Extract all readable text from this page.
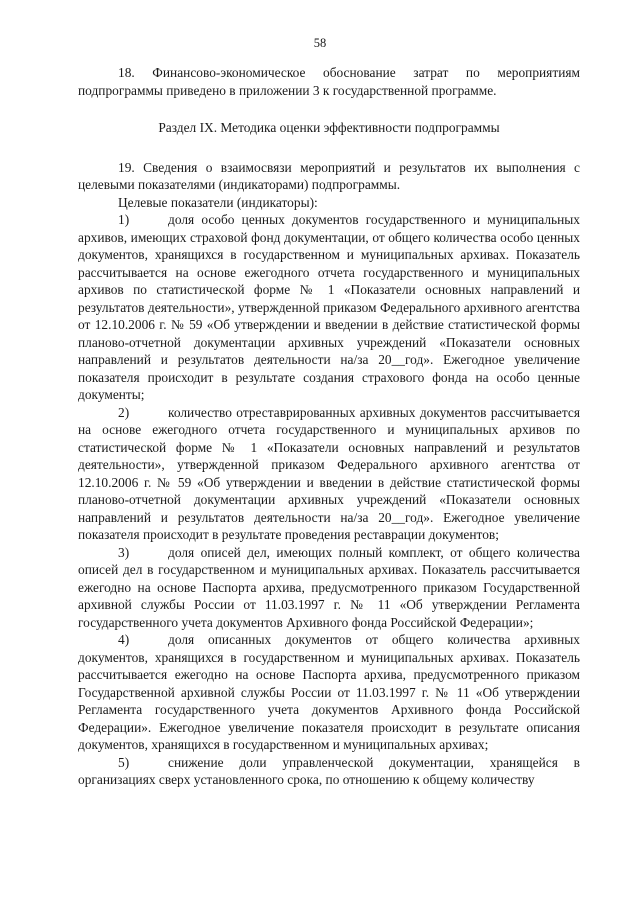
58

18. Финансово-экономическое обоснование затрат по мероприятиям подпрограммы приведено в приложении 3 к государственной программе.

Раздел IX. Методика оценки эффективности подпрограммы

19. Сведения о взаимосвязи мероприятий и результатов их выполнения с целевыми показателями (индикаторами) подпрограммы.

Целевые показатели (индикаторы):

1)	доля особо ценных документов государственного и муниципальных архивов, имеющих страховой фонд документации, от общего количества особо ценных документов, хранящихся в государственном и муниципальных архивах. Показатель рассчитывается на основе ежегодного отчета государственного и муниципальных архивов по статистической форме № 1 «Показатели основных направлений и результатов деятельности», утвержденной приказом Федерального архивного агентства от 12.10.2006 г. № 59 «Об утверждении и введении в действие статистической формы планово-отчетной документации архивных учреждений «Показатели основных направлений и результатов деятельности на/за 20__год». Ежегодное увеличение показателя происходит в результате создания страхового фонда на особо ценные документы;

2)	количество отреставрированных архивных документов рассчитывается на основе ежегодного отчета государственного и муниципальных архивов по статистической форме № 1 «Показатели основных направлений и результатов деятельности», утвержденной приказом Федерального архивного агентства от 12.10.2006 г. № 59 «Об утверждении и введении в действие статистической формы планово-отчетной документации архивных учреждений «Показатели основных направлений и результатов деятельности на/за 20__год». Ежегодное увеличение показателя происходит в результате проведения реставрации документов;

3)	доля описей дел, имеющих полный комплект, от общего количества описей дел в государственном и муниципальных архивах. Показатель рассчитывается ежегодно на основе Паспорта архива, предусмотренного приказом Государственной архивной службы России от 11.03.1997 г. № 11 «Об утверждении Регламента государственного учета документов Архивного фонда Российской Федерации»;

4)	доля описанных документов от общего количества архивных документов, хранящихся в государственном и муниципальных архивах. Показатель рассчитывается ежегодно на основе Паспорта архива, предусмотренного приказом Государственной архивной службы России от 11.03.1997 г. № 11 «Об утверждении Регламента государственного учета документов Архивного фонда Российской Федерации». Ежегодное увеличение показателя происходит в результате описания документов, хранящихся в государственном и муниципальных архивах;

5)	снижение доли управленческой документации, хранящейся в организациях сверх установленного срока, по отношению к общему количеству
